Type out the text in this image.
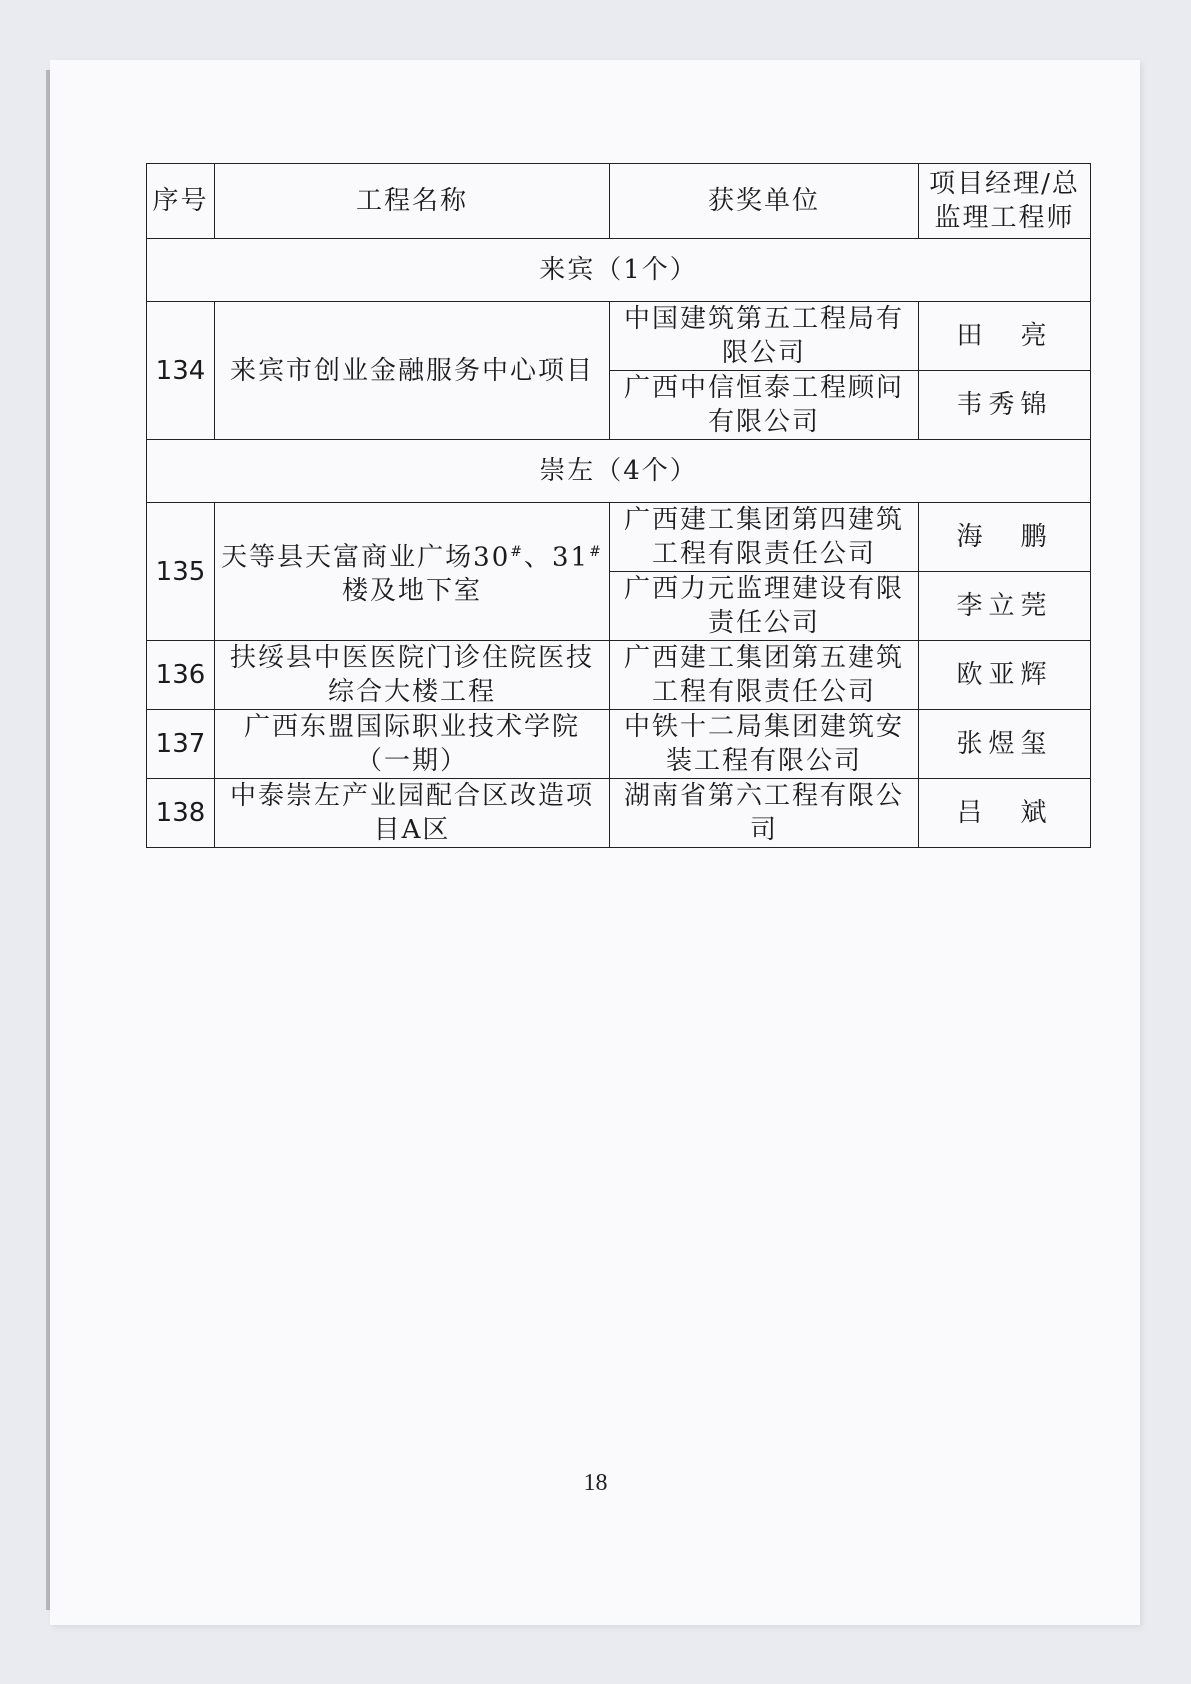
序号	工程名称	获奖单位	项目经理/总监理工程师
来宾（1个）			
134	来宾市创业金融服务中心项目	中国建筑第五工程局有限公司	田　亮
		广西中信恒泰工程顾问有限公司	韦秀锦
崇左（4个）			
135	天等县天富商业广场30#、31#楼及地下室	广西建工集团第四建筑工程有限责任公司	海　鹏
		广西力元监理建设有限责任公司	李立莞
136	扶绥县中医医院门诊住院医技综合大楼工程	广西建工集团第五建筑工程有限责任公司	欧亚辉
137	广西东盟国际职业技术学院（一期）	中铁十二局集团建筑安装工程有限公司	张煜玺
138	中泰崇左产业园配合区改造项目A区	湖南省第六工程有限公司	吕　斌
18
